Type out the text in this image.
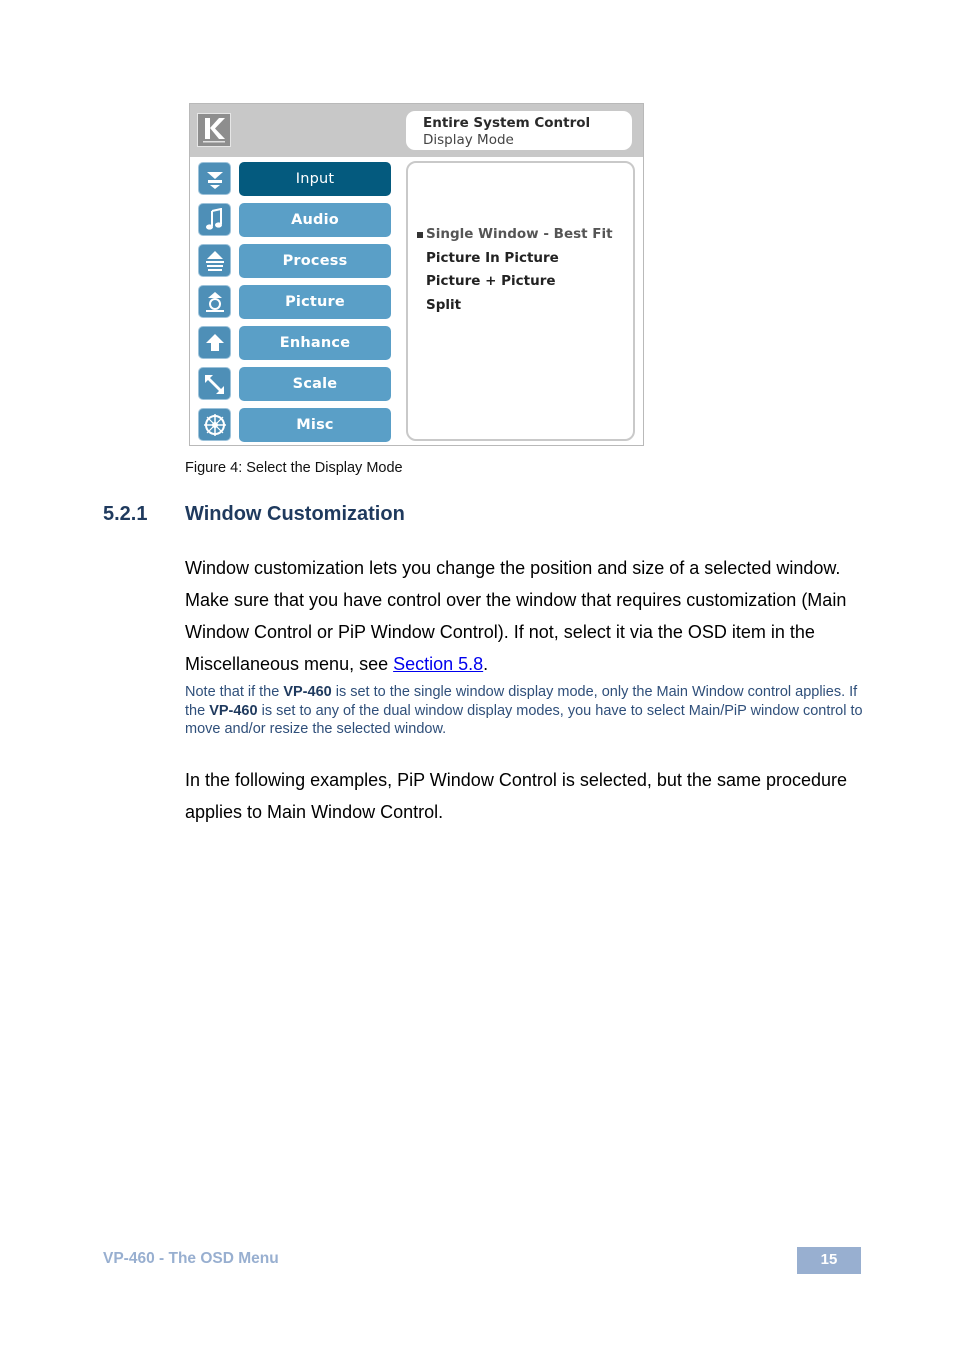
Entire System Control
Display Mode
Input
Audio
Process
Picture
Enhance
Scale
Misc
Single Window - Best Fit
Picture In Picture
Picture + Picture
Split
Figure 4: Select the Display Mode
5.2.1 Window Customization
Window customization lets you change the position and size of a selected window. Make sure that you have control over the window that requires customization (Main Window Control or PiP Window Control). If not, select it via the OSD item in the Miscellaneous menu, see Section 5.8.
Note that if the VP-460 is set to the single window display mode, only the Main Window control applies. If the VP-460 is set to any of the dual window display modes, you have to select Main/PiP window control to move and/or resize the selected window.
In the following examples, PiP Window Control is selected, but the same procedure applies to Main Window Control.
VP-460 - The OSD Menu	15
